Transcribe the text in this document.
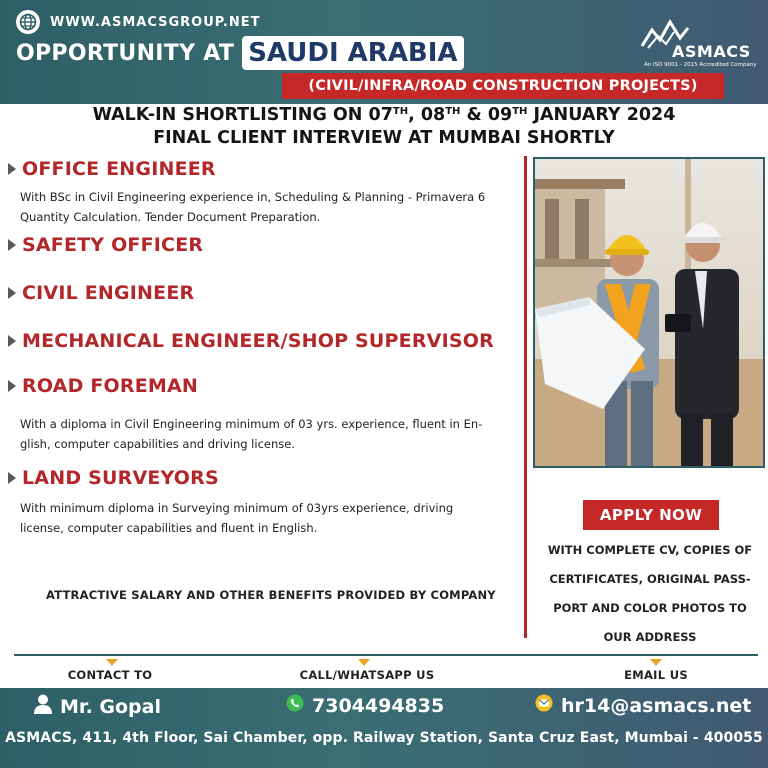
WWW.ASMACSGROUP.NET
OPPORTUNITY AT SAUDI ARABIA	ASMACS
An ISO 9001 - 2015 Accredited Company
(CIVIL/INFRA/ROAD CONSTRUCTION PROJECTS)
WALK-IN SHORTLISTING ON 07TH, 08TH & 09TH JANUARY 2024
FINAL CLIENT INTERVIEW AT MUMBAI SHORTLY
OFFICE ENGINEER
With BSc in Civil Engineering experience in, Scheduling & Planning - Primavera 6
Quantity Calculation. Tender Document Preparation.
SAFETY OFFICER
CIVIL ENGINEER
MECHANICAL ENGINEER/SHOP SUPERVISOR
ROAD FOREMAN
With a diploma in Civil Engineering minimum of 03 yrs. experience, fluent in En-
glish, computer capabilities and driving license.
LAND SURVEYORS
With minimum diploma in Surveying minimum of 03yrs experience, driving
license, computer capabilities and fluent in English.
ATTRACTIVE SALARY AND OTHER BENEFITS PROVIDED BY COMPANY
APPLY NOW
WITH COMPLETE CV, COPIES OF
CERTIFICATES, ORIGINAL PASS-
PORT AND COLOR PHOTOS TO
OUR ADDRESS
CONTACT TO	CALL/WHATSAPP US	EMAIL US
Mr. Gopal	7304494835	hr14@asmacs.net
ASMACS, 411, 4th Floor, Sai Chamber, opp. Railway Station, Santa Cruz East, Mumbai - 400055
